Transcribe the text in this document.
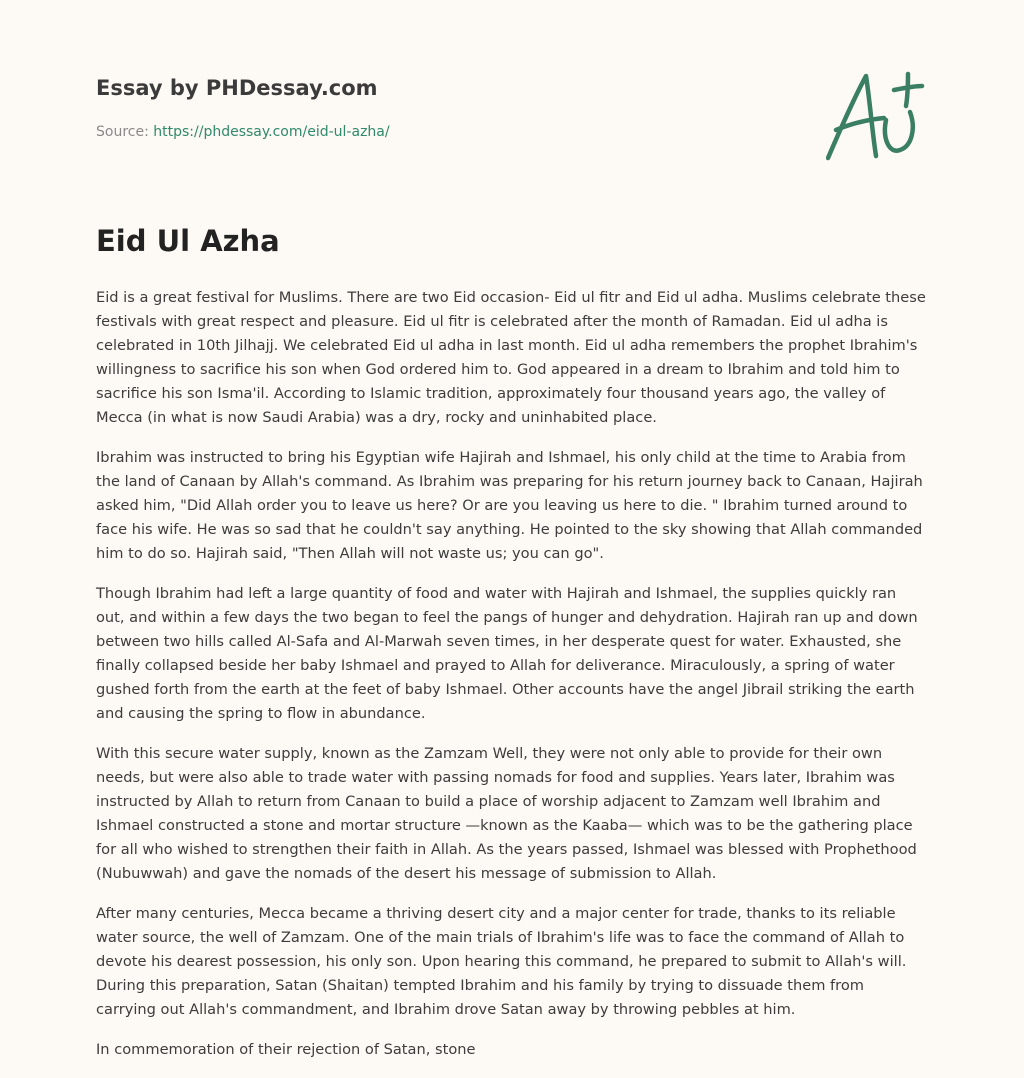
Essay by PHDessay.com
Source: https://phdessay.com/eid-ul-azha/
Eid Ul Azha

Eid is a great festival for Muslims. There are two Eid occasion- Eid ul fitr and Eid ul adha. Muslims celebrate these festivals with great respect and pleasure. Eid ul fitr is celebrated after the month of Ramadan. Eid ul adha is celebrated in 10th Jilhajj. We celebrated Eid ul adha in last month. Eid ul adha remembers the prophet Ibrahim's willingness to sacrifice his son when God ordered him to. God appeared in a dream to Ibrahim and told him to sacrifice his son Isma'il. According to Islamic tradition, approximately four thousand years ago, the valley of Mecca (in what is now Saudi Arabia) was a dry, rocky and uninhabited place.

Ibrahim was instructed to bring his Egyptian wife Hajirah and Ishmael, his only child at the time to Arabia from the land of Canaan by Allah's command. As Ibrahim was preparing for his return journey back to Canaan, Hajirah asked him, "Did Allah order you to leave us here? Or are you leaving us here to die. " Ibrahim turned around to face his wife. He was so sad that he couldn't say anything. He pointed to the sky showing that Allah commanded him to do so. Hajirah said, "Then Allah will not waste us; you can go".

Though Ibrahim had left a large quantity of food and water with Hajirah and Ishmael, the supplies quickly ran out, and within a few days the two began to feel the pangs of hunger and dehydration. Hajirah ran up and down between two hills called Al-Safa and Al-Marwah seven times, in her desperate quest for water. Exhausted, she finally collapsed beside her baby Ishmael and prayed to Allah for deliverance. Miraculously, a spring of water gushed forth from the earth at the feet of baby Ishmael. Other accounts have the angel Jibrail striking the earth and causing the spring to flow in abundance.

With this secure water supply, known as the Zamzam Well, they were not only able to provide for their own needs, but were also able to trade water with passing nomads for food and supplies. Years later, Ibrahim was instructed by Allah to return from Canaan to build a place of worship adjacent to Zamzam well Ibrahim and Ishmael constructed a stone and mortar structure —known as the Kaaba— which was to be the gathering place for all who wished to strengthen their faith in Allah. As the years passed, Ishmael was blessed with Prophethood (Nubuwwah) and gave the nomads of the desert his message of submission to Allah.

After many centuries, Mecca became a thriving desert city and a major center for trade, thanks to its reliable water source, the well of Zamzam. One of the main trials of Ibrahim's life was to face the command of Allah to devote his dearest possession, his only son. Upon hearing this command, he prepared to submit to Allah's will. During this preparation, Satan (Shaitan) tempted Ibrahim and his family by trying to dissuade them from carrying out Allah's commandment, and Ibrahim drove Satan away by throwing pebbles at him.

In commemoration of their rejection of Satan, stone
